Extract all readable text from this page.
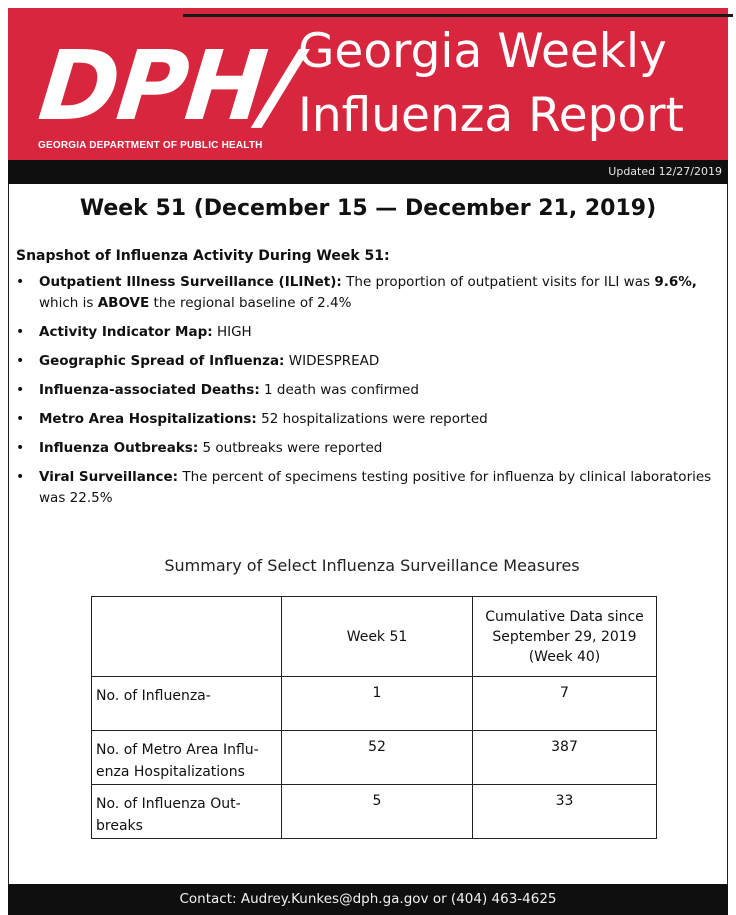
DPH/
GEORGIA DEPARTMENT OF PUBLIC HEALTH
Georgia Weekly
Influenza Report
Updated 12/27/2019
Week 51 (December 15 — December 21, 2019)
Snapshot of Influenza Activity During Week 51:
• Outpatient Illness Surveillance (ILINet): The proportion of outpatient visits for ILI was 9.6%, which is ABOVE the regional baseline of 2.4%
• Activity Indicator Map: HIGH
• Geographic Spread of Influenza: WIDESPREAD
• Influenza-associated Deaths: 1 death was confirmed
• Metro Area Hospitalizations: 52 hospitalizations were reported
• Influenza Outbreaks: 5 outbreaks were reported
• Viral Surveillance: The percent of specimens testing positive for influenza by clinical laboratories was 22.5%
Summary of Select Influenza Surveillance Measures
	Week 51	Cumulative Data since September 29, 2019 (Week 40)
No. of Influenza-	1	7
No. of Metro Area Influ-enza Hospitalizations	52	387
No. of Influenza Out-breaks	5	33
Contact: Audrey.Kunkes@dph.ga.gov or (404) 463-4625
